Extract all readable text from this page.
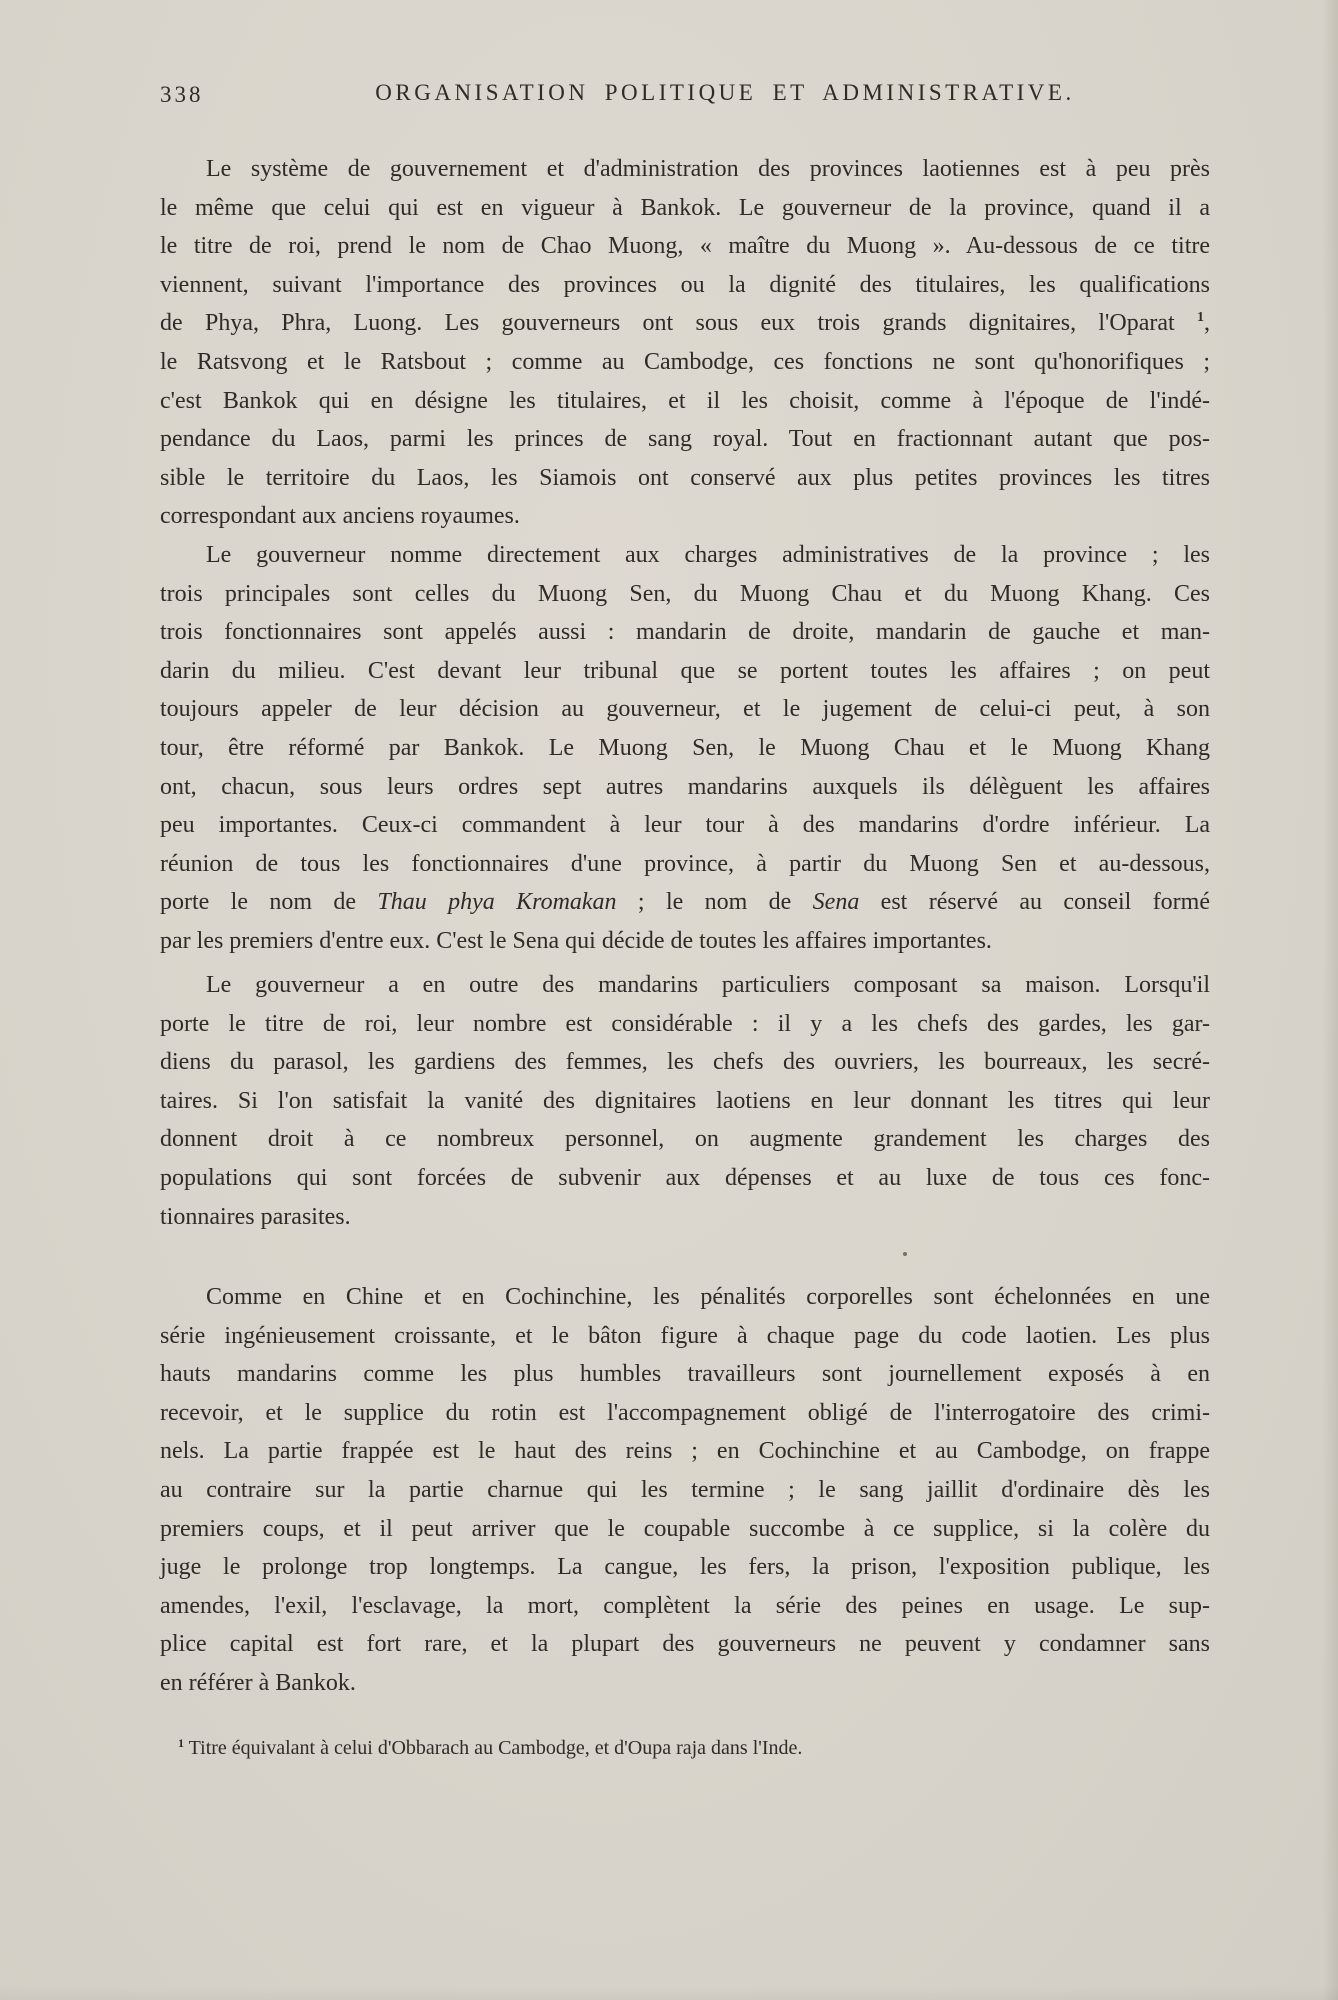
338	ORGANISATION POLITIQUE ET ADMINISTRATIVE.
Le système de gouvernement et d'administration des provinces laotiennes est à peu près
le même que celui qui est en vigueur à Bankok. Le gouverneur de la province, quand il a
le titre de roi, prend le nom de Chao Muong, « maître du Muong ». Au-dessous de ce titre
viennent, suivant l'importance des provinces ou la dignité des titulaires, les qualifications
de Phya, Phra, Luong. Les gouverneurs ont sous eux trois grands dignitaires, l'Oparat $^1$,
le Ratsvong et le Ratsbout ; comme au Cambodge, ces fonctions ne sont qu'honorifiques ;
c'est Bankok qui en désigne les titulaires, et il les choisit, comme à l'époque de l'indé-
pendance du Laos, parmi les princes de sang royal. Tout en fractionnant autant que pos-
sible le territoire du Laos, les Siamois ont conservé aux plus petites provinces les titres
correspondant aux anciens royaumes.
Le gouverneur nomme directement aux charges administratives de la province ; les
trois principales sont celles du Muong Sen, du Muong Chau et du Muong Khang. Ces
trois fonctionnaires sont appelés aussi : mandarin de droite, mandarin de gauche et man-
darin du milieu. C'est devant leur tribunal que se portent toutes les affaires ; on peut
toujours appeler de leur décision au gouverneur, et le jugement de celui-ci peut, à son
tour, être réformé par Bankok. Le Muong Sen, le Muong Chau et le Muong Khang
ont, chacun, sous leurs ordres sept autres mandarins auxquels ils délèguent les affaires
peu importantes. Ceux-ci commandent à leur tour à des mandarins d'ordre inférieur. La
réunion de tous les fonctionnaires d'une province, à partir du Muong Sen et au-dessous,
porte le nom de Thau phya Kromakan ; le nom de Sena est réservé au conseil formé
par les premiers d'entre eux. C'est le Sena qui décide de toutes les affaires importantes.
Le gouverneur a en outre des mandarins particuliers composant sa maison. Lorsqu'il
porte le titre de roi, leur nombre est considérable : il y a les chefs des gardes, les gar-
diens du parasol, les gardiens des femmes, les chefs des ouvriers, les bourreaux, les secré-
taires. Si l'on satisfait la vanité des dignitaires laotiens en leur donnant les titres qui leur
donnent droit à ce nombreux personnel, on augmente grandement les charges des
populations qui sont forcées de subvenir aux dépenses et au luxe de tous ces fonc-
tionnaires parasites.
Comme en Chine et en Cochinchine, les pénalités corporelles sont échelonnées en une
série ingénieusement croissante, et le bâton figure à chaque page du code laotien. Les plus
hauts mandarins comme les plus humbles travailleurs sont journellement exposés à en
recevoir, et le supplice du rotin est l'accompagnement obligé de l'interrogatoire des crimi-
nels. La partie frappée est le haut des reins ; en Cochinchine et au Cambodge, on frappe
au contraire sur la partie charnue qui les termine ; le sang jaillit d'ordinaire dès les
premiers coups, et il peut arriver que le coupable succombe à ce supplice, si la colère du
juge le prolonge trop longtemps. La cangue, les fers, la prison, l'exposition publique, les
amendes, l'exil, l'esclavage, la mort, complètent la série des peines en usage. Le sup-
plice capital est fort rare, et la plupart des gouverneurs ne peuvent y condamner sans
en référer à Bankok.
$^1$ Titre équivalant à celui d'Obbarach au Cambodge, et d'Oupa raja dans l'Inde.
